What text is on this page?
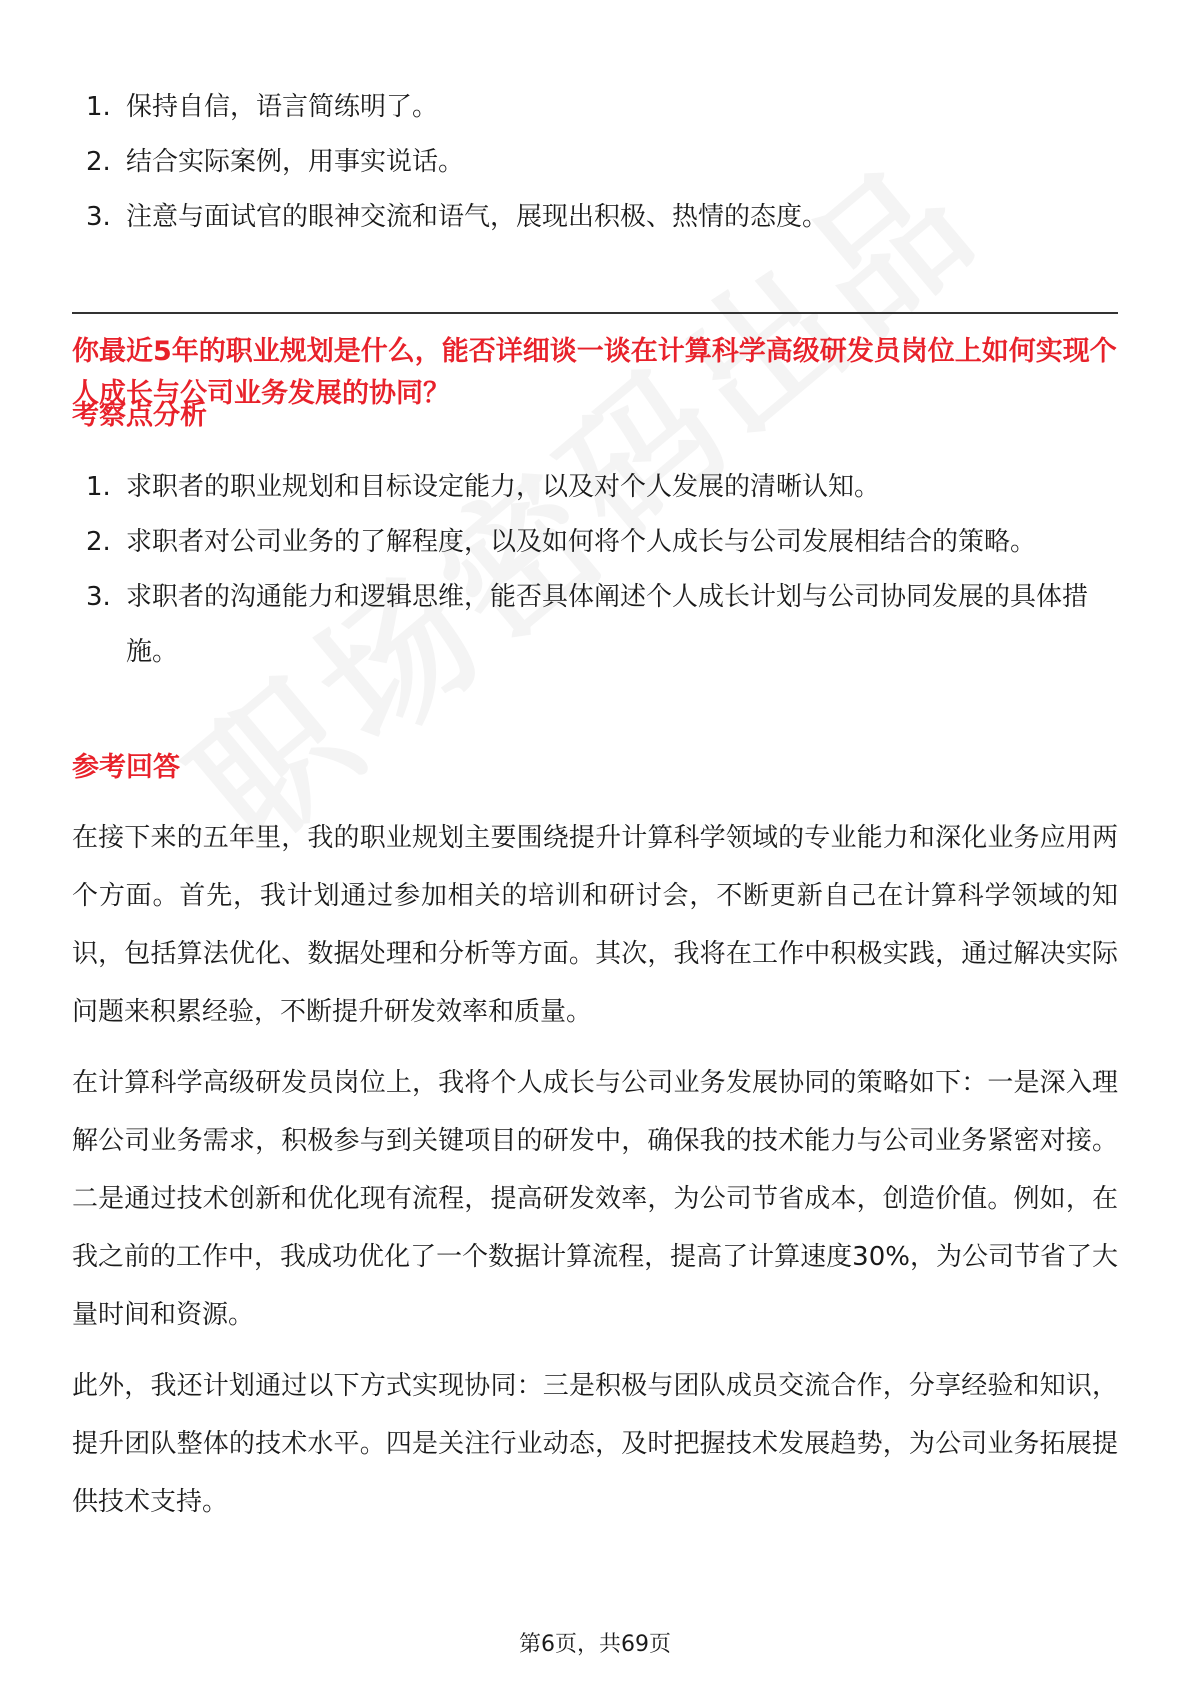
1. 保持自信，语言简练明了。
2. 结合实际案例，用事实说话。
3. 注意与面试官的眼神交流和语气，展现出积极、热情的态度。
你最近5年的职业规划是什么，能否详细谈一谈在计算科学高级研发员岗位上如何实现个人成长与公司业务发展的协同？
考察点分析
1. 求职者的职业规划和目标设定能力，以及对个人发展的清晰认知。
2. 求职者对公司业务的了解程度，以及如何将个人成长与公司发展相结合的策略。
3. 求职者的沟通能力和逻辑思维，能否具体阐述个人成长计划与公司协同发展的具体措施。
参考回答

在接下来的五年里，我的职业规划主要围绕提升计算科学领域的专业能力和深化业务应用两个方面。首先，我计划通过参加相关的培训和研讨会，不断更新自己在计算科学领域的知识，包括算法优化、数据处理和分析等方面。其次，我将在工作中积极实践，通过解决实际问题来积累经验，不断提升研发效率和质量。

在计算科学高级研发员岗位上，我将个人成长与公司业务发展协同的策略如下：一是深入理解公司业务需求，积极参与到关键项目的研发中，确保我的技术能力与公司业务紧密对接。二是通过技术创新和优化现有流程，提高研发效率，为公司节省成本，创造价值。例如，在我之前的工作中，我成功优化了一个数据计算流程，提高了计算速度30%，为公司节省了大量时间和资源。

此外，我还计划通过以下方式实现协同：三是积极与团队成员交流合作，分享经验和知识，提升团队整体的技术水平。四是关注行业动态，及时把握技术发展趋势，为公司业务拓展提供技术支持。

第6页，共69页
